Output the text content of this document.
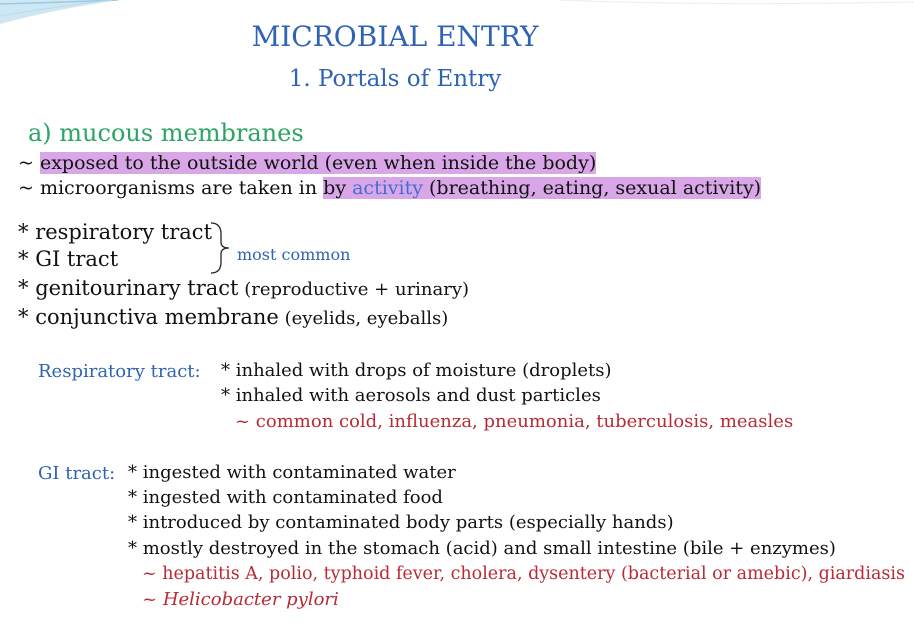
MICROBIAL ENTRY
1. Portals of Entry
a) mucous membranes
~ exposed to the outside world (even when inside the body)
~ microorganisms are taken in by activity (breathing, eating, sexual activity)
* respiratory tract
* GI tract
* genitourinary tract (reproductive + urinary)
* conjunctiva membrane (eyelids, eyeballs)
most common
Respiratory tract: * inhaled with drops of moisture (droplets)
* inhaled with aerosols and dust particles
~ common cold, influenza, pneumonia, tuberculosis, measles
GI tract: * ingested with contaminated water
* ingested with contaminated food
* introduced by contaminated body parts (especially hands)
* mostly destroyed in the stomach (acid) and small intestine (bile + enzymes)
~ hepatitis A, polio, typhoid fever, cholera, dysentery (bacterial or amebic), giardiasis
~ Helicobacter pylori
